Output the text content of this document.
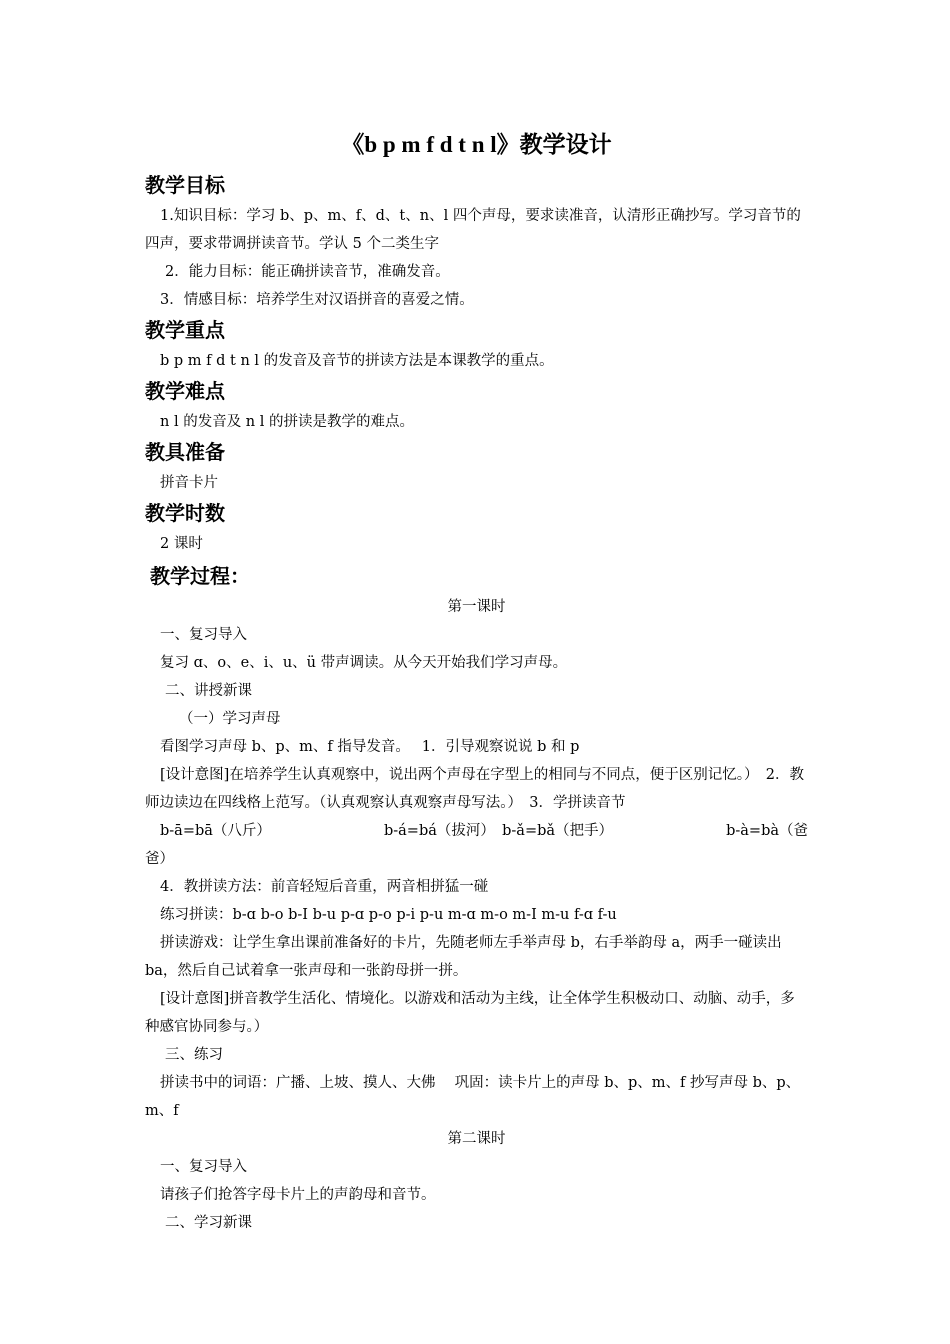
《b p m f d t n l》教学设计
教学目标

1.知识目标：学习 b、p、m、f、d、t、n、l 四个声母，要求读准音，认清形正确抄写。学习音节的四声，要求带调拼读音节。学认 5 个二类生字

2．能力目标：能正确拼读音节，准确发音。

3．情感目标：培养学生对汉语拼音的喜爱之情。

教学重点

b p m f d t n l 的发音及音节的拼读方法是本课教学的重点。

教学难点

n l 的发音及 n l 的拼读是教学的难点。

教具准备

拼音卡片

教学时数

2 课时

教学过程：

第一课时

一、复习导入

复习 ɑ、o、e、i、u、ü 带声调读。从今天开始我们学习声母。

二、讲授新课

（一）学习声母

看图学习声母 b、p、m、f 指导发音。　 1．引导观察说说 b 和 p

[设计意图]在培养学生认真观察中，说出两个声母在字型上的相同与不同点，便于区别记忆。）　2．教师边读边在四线格上范写。（认真观察认真观察声母写法。）　3．学拼读音节

b-ā=bā（八斤）	b-á=bá（拔河）　b-ǎ=bǎ（把手）	b-à=bà（爸

爸）

4．教拼读方法：前音轻短后音重，两音相拼猛一碰

练习拼读：b-ɑ b-o b-I b-u p-ɑ p-o p-i p-u m-ɑ m-o m-I m-u f-ɑ f-u

拼读游戏：让学生拿出课前准备好的卡片，先随老师左手举声母 b，右手举韵母 a，两手一碰读出 ba，然后自己试着拿一张声母和一张韵母拼一拼。

[设计意图]拼音教学生活化、情境化。以游戏和活动为主线，让全体学生积极动口、动脑、动手，多种感官协同参与。）

三、练习

拼读书中的词语：广播、上坡、摸人、大佛　 巩固：读卡片上的声母 b、p、m、f 抄写声母 b、p、m、f

第二课时

一、复习导入

请孩子们抢答字母卡片上的声韵母和音节。

二、学习新课
